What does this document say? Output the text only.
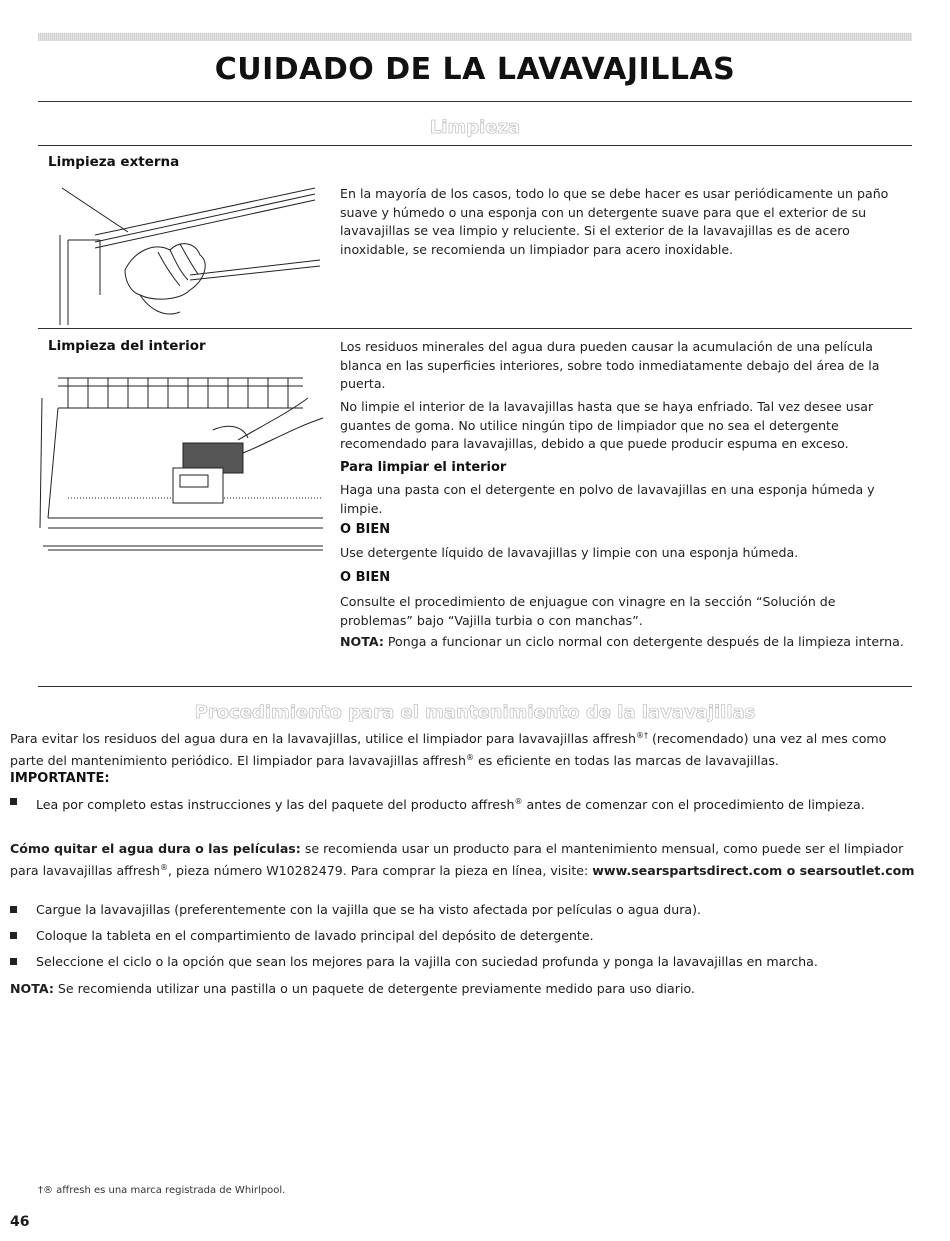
CUIDADO DE LA LAVAVAJILLAS
Limpieza
Limpieza externa

En la mayoría de los casos, todo lo que se debe hacer es usar periódicamente un paño suave y húmedo o una esponja con un detergente suave para que el exterior de su lavavajillas se vea limpio y reluciente. Si el exterior de la lavavajillas es de acero inoxidable, se recomienda un limpiador para acero inoxidable.

Limpieza del interior	Los residuos minerales del agua dura pueden causar la acumulación de una película blanca en las superficies interiores, sobre todo inmediatamente debajo del área de la puerta.

No limpie el interior de la lavavajillas hasta que se haya enfriado. Tal vez desee usar guantes de goma. No utilice ningún tipo de limpiador que no sea el detergente recomendado para lavavajillas, debido a que puede producir espuma en exceso.

Para limpiar el interior

Haga una pasta con el detergente en polvo de lavavajillas en una esponja húmeda y limpie.

O BIEN

Use detergente líquido de lavavajillas y limpie con una esponja húmeda.

O BIEN

Consulte el procedimiento de enjuague con vinagre en la sección “Solución de problemas” bajo “Vajilla turbia o con manchas”.

NOTA: Ponga a funcionar un ciclo normal con detergente después de la limpieza interna.

Procedimiento para el mantenimiento de la lavavajillas

Para evitar los residuos del agua dura en la lavavajillas, utilice el limpiador para lavavajillas affresh®† (recomendado) una vez al mes como parte del mantenimiento periódico. El limpiador para lavavajillas affresh® es eficiente en todas las marcas de lavavajillas.

IMPORTANTE:
Lea por completo estas instrucciones y las del paquete del producto affresh® antes de comenzar con el procedimiento de limpieza.

Cómo quitar el agua dura o las películas: se recomienda usar un producto para el mantenimiento mensual, como puede ser el limpiador para lavavajillas affresh®, pieza número W10282479. Para comprar la pieza en línea, visite: www.searspartsdirect.com o searsoutlet.com

Cargue la lavavajillas (preferentemente con la vajilla que se ha visto afectada por películas o agua dura).
Coloque la tableta en el compartimiento de lavado principal del depósito de detergente.
Seleccione el ciclo o la opción que sean los mejores para la vajilla con suciedad profunda y ponga la lavavajillas en marcha.

NOTA: Se recomienda utilizar una pastilla o un paquete de detergente previamente medido para uso diario.

†® affresh es una marca registrada de Whirlpool.
46
